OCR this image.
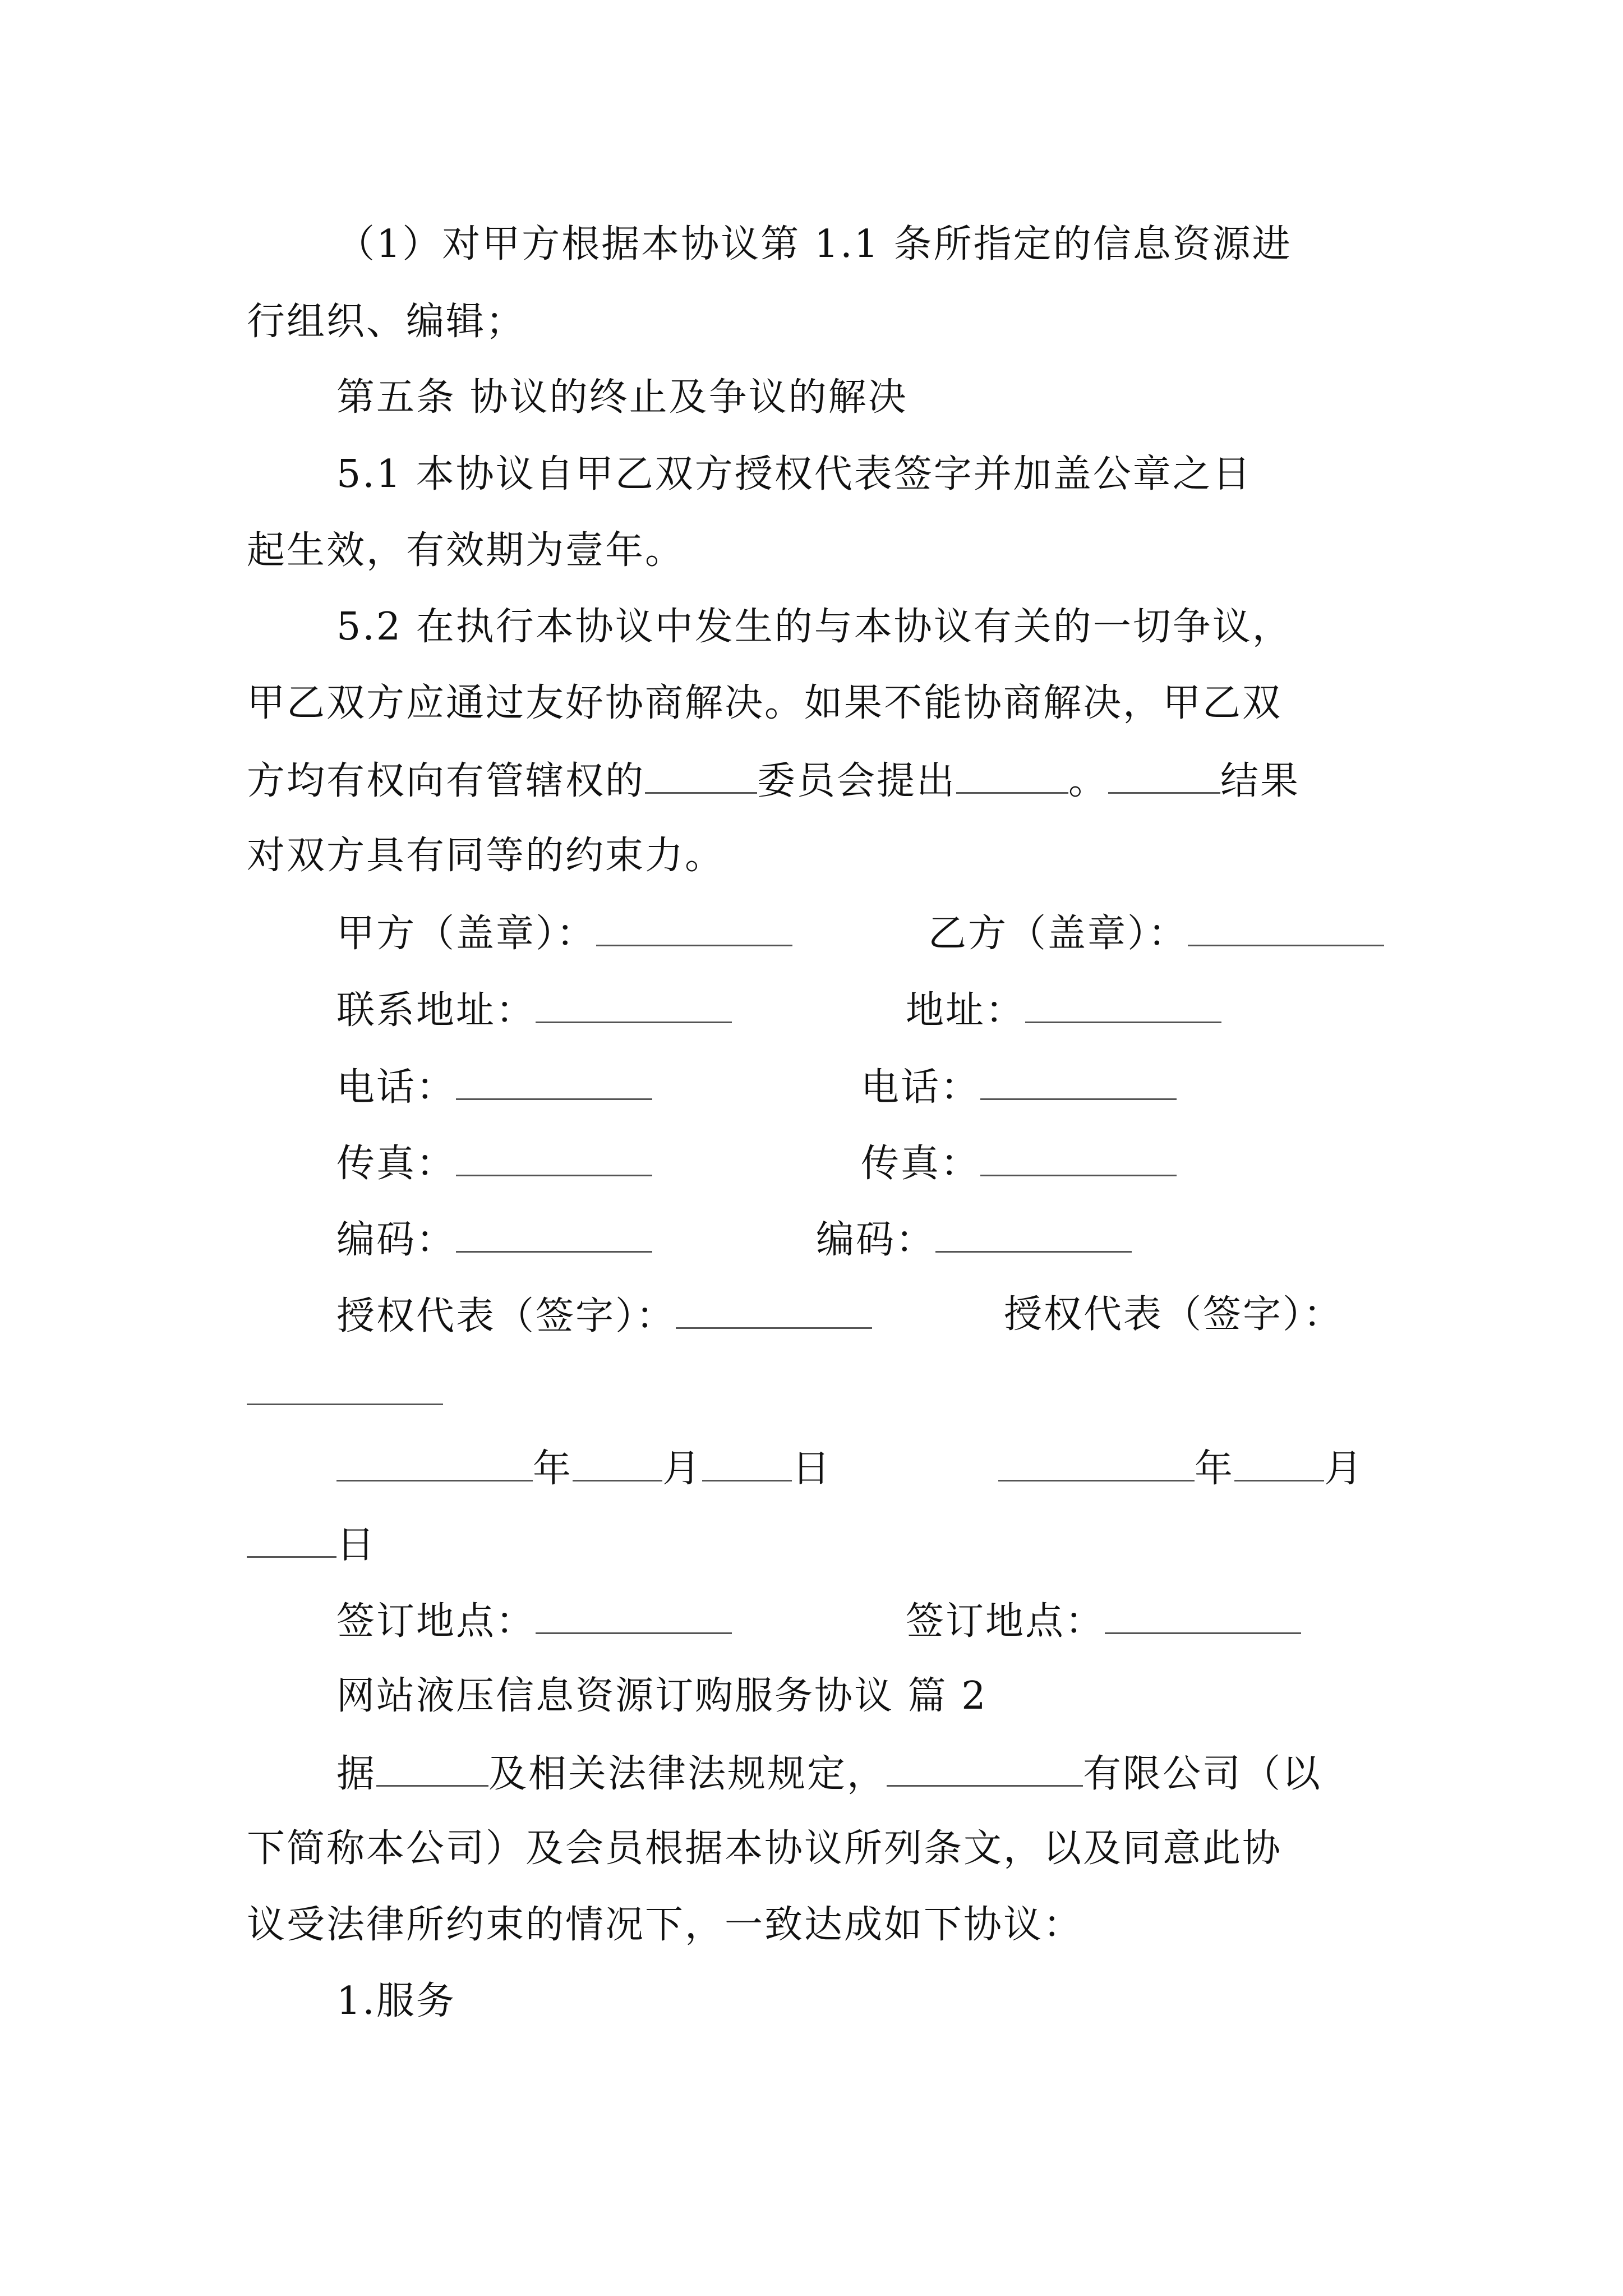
（1）对甲方根据本协议第 1.1 条所指定的信息资源进
行组织、编辑；
第五条 协议的终止及争议的解决
5.1 本协议自甲乙双方授权代表签字并加盖公章之日
起生效，有效期为壹年。
5.2 在执行本协议中发生的与本协议有关的一切争议，
甲乙双方应通过友好协商解决。如果不能协商解决，甲乙双
方均有权向有管辖权的	委员会提出	。	结果
对双方具有同等的约束力。
甲方（盖章）：	乙方（盖章）：
联系地址：	地址：
电话：	电话：
传真：	传真：
编码：	编码：
授权代表（签字）：	授权代表（签字）：
年 月 日	年 月
日
签订地点：	签订地点：
网站液压信息资源订购服务协议 篇 2
据	及相关法律法规规定，	有限公司（以
下简称本公司）及会员根据本协议所列条文，以及同意此协
议受法律所约束的情况下，一致达成如下协议：
1.服务
